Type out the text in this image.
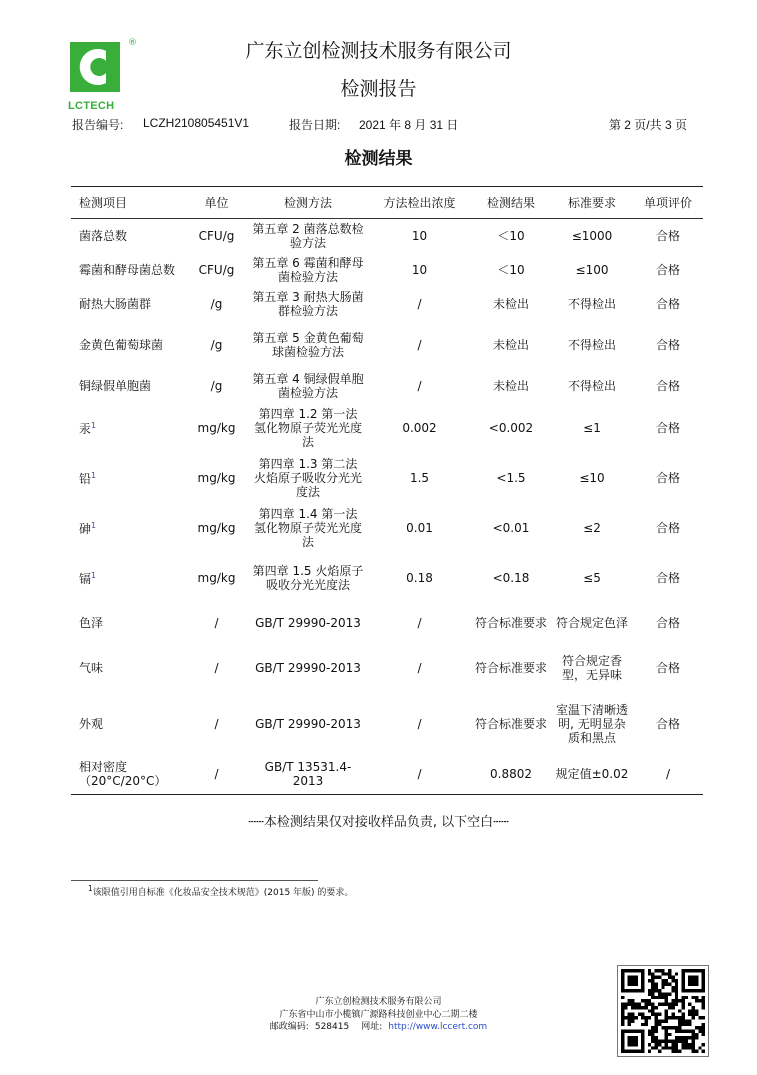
®
LCTECH
广东立创检测技术服务有限公司
检测报告
报告编号: LCZH210805451V1	报告日期: 2021 年 8 月 31 日	第 2 页/共 3 页
检测结果
检测项目	单位	检测方法	方法检出浓度	检测结果	标准要求	单项评价
菌落总数	CFU/g	第五章 2 菌落总数检验方法	10	＜10	≤1000	合格
霉菌和酵母菌总数	CFU/g	第五章 6 霉菌和酵母菌检验方法	10	＜10	≤100	合格
耐热大肠菌群	/g	第五章 3 耐热大肠菌群检验方法	/	未检出	不得检出	合格
金黄色葡萄球菌	/g	第五章 5 金黄色葡萄球菌检验方法	/	未检出	不得检出	合格
铜绿假单胞菌	/g	第五章 4 铜绿假单胞菌检验方法	/	未检出	不得检出	合格
汞$^1$	mg/kg	第四章 1.2 第一法 氢化物原子荧光光度法	0.002	<0.002	≤1	合格
铅$^1$	mg/kg	第四章 1.3 第二法 火焰原子吸收分光光度法	1.5	<1.5	≤10	合格
砷$^1$	mg/kg	第四章 1.4 第一法 氢化物原子荧光光度法	0.01	<0.01	≤2	合格
镉$^1$	mg/kg	第四章 1.5 火焰原子吸收分光光度法	0.18	<0.18	≤5	合格
色泽	/	GB/T 29990-2013	/	符合标准要求	符合规定色泽	合格
气味	/	GB/T 29990-2013	/	符合标准要求	符合规定香型，无异味	合格
外观	/	GB/T 29990-2013	/	符合标准要求	室温下清晰透明, 无明显杂质和黑点	合格
相对密度（20°C/20°C）	/	GB/T 13531.4-2013	/	0.8802	规定值±0.02	/
┄┄本检测结果仅对接收样品负责, 以下空白┄┄
$^1$该限值引用自标准《化妆品安全技术规范》(2015 年版) 的要求。
广东立创检测技术服务有限公司
广东省中山市小榄镇广源路科技创业中心二期二楼
邮政编码: 528415 网址: http://www.lccert.com
